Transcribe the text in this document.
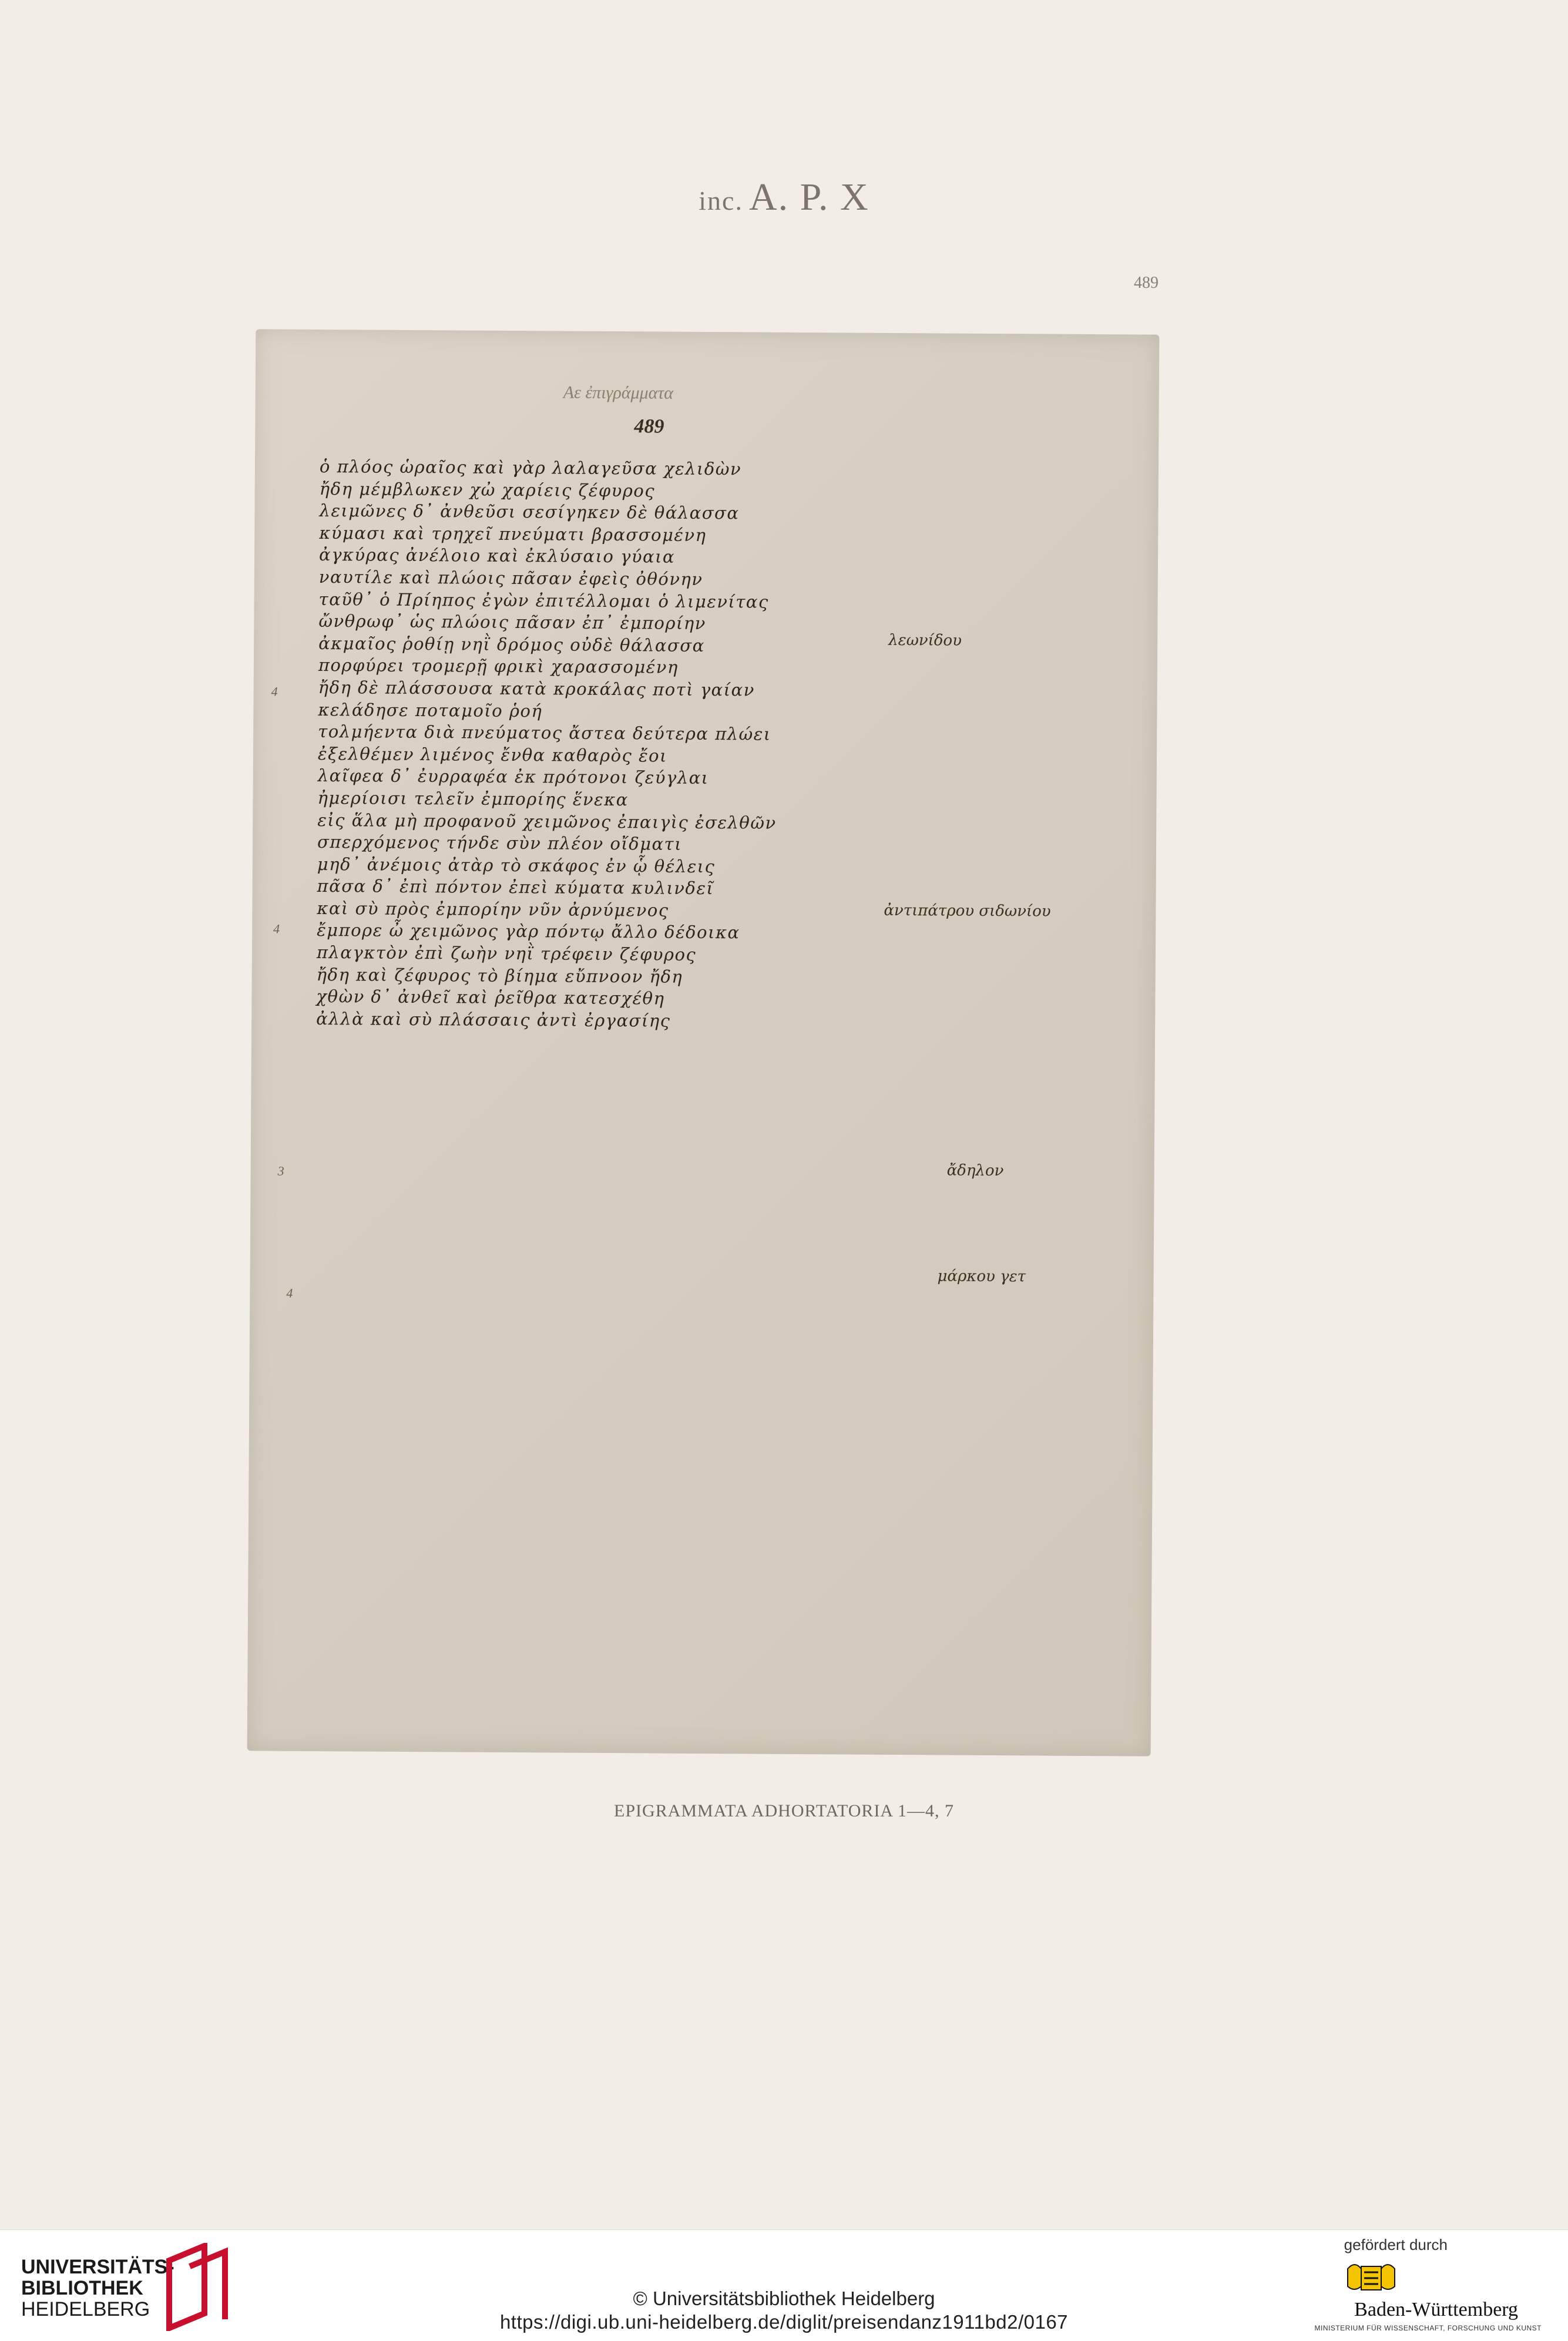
inc. A. P. X
489
Αε ἐπιγράμματα
489
ὁ πλόος ὡραῖος καὶ γὰρ λαλαγεῦσα χελιδὼν
ἤδη μέμβλωκεν χὠ χαρίεις ζέφυρος
λειμῶνες δ᾽ ἀνθεῦσι σεσίγηκεν δὲ θάλασσα
κύμασι καὶ τρηχεῖ πνεύματι βρασσομένη
ἀγκύρας ἀνέλοιο καὶ ἐκλύσαιο γύαια
ναυτίλε καὶ πλώοις πᾶσαν ἐφεὶς ὀθόνην
ταῦθ᾽ ὁ Πρίηπος ἐγὼν ἐπιτέλλομαι ὁ λιμενίτας
ὤνθρωφ᾽ ὡς πλώοις πᾶσαν ἐπ᾽ ἐμπορίην
ἀκμαῖος ῥοθίῃ νηῒ δρόμος οὐδὲ θάλασσα
πορφύρει τρομερῇ φρικὶ χαρασσομένη
ἤδη δὲ πλάσσουσα κατὰ κροκάλας ποτὶ γαίαν
κελάδησε ποταμοῖο ῥοή
τολμήεντα διὰ πνεύματος ἄστεα δεύτερα πλώει
ἐξελθέμεν λιμένος ἔνθα καθαρὸς ἔοι
λαῖφεα δ᾽ ἐυρραφέα ἐκ πρότονοι ζεύγλαι
ἠμερίοισι τελεῖν ἐμπορίης ἕνεκα
εἰς ἅλα μὴ προφανοῦ χειμῶνος ἐπαιγὶς ἐσελθῶν
σπερχόμενος τήνδε σὺν πλέον οἴδματι
μηδ᾽ ἀνέμοις ἀτὰρ τὸ σκάφος ἐν ᾧ θέλεις
πᾶσα δ᾽ ἐπὶ πόντον ἐπεὶ κύματα κυλινδεῖ
καὶ σὺ πρὸς ἐμπορίην νῦν ἀρνύμενος
ἔμπορε ὦ χειμῶνος γὰρ πόντῳ ἄλλο δέδοικα
πλαγκτὸν ἐπὶ ζωὴν νηῒ τρέφειν ζέφυρος
ἤδη καὶ ζέφυρος τὸ βίημα εὔπνοον ἤδη
χθὼν δ᾽ ἀνθεῖ καὶ ῥεῖθρα κατεσχέθη
ἀλλὰ καὶ σὺ πλάσσαις ἀντὶ ἐργασίης
λεωνίδου
ἀντιπάτρου σιδωνίου
ἄδηλον
μάρκου γετ
4
4
3
4
EPIGRAMMATA ADHORTATORIA 1—4, 7
UNIVERSITÄTS-
BIBLIOTHEK
HEIDELBERG	© Universitätsbibliothek Heidelberg
https://digi.ub.uni-heidelberg.de/diglit/preisendanz1911bd2/0167
gefördert durch
Baden-Württemberg
MINISTERIUM FÜR WISSENSCHAFT, FORSCHUNG UND KUNST
